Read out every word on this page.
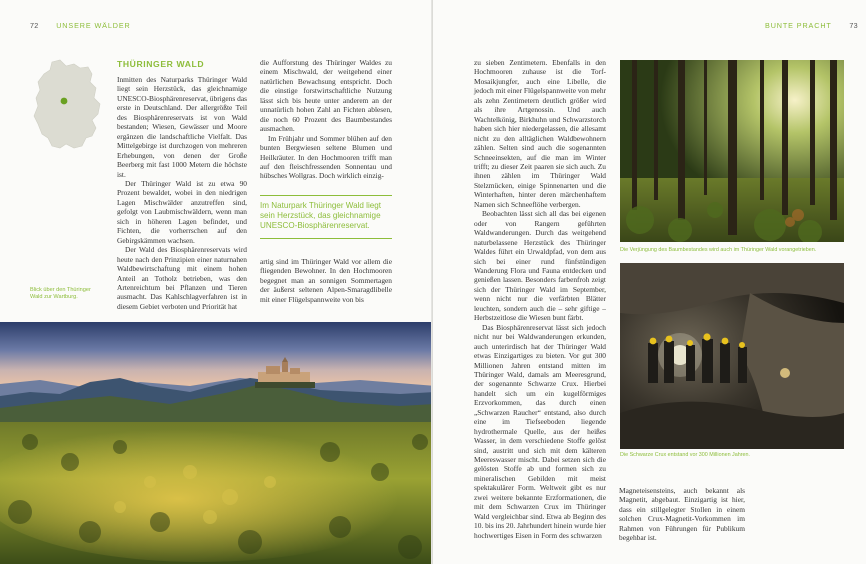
72 UNSERE WÄLDER
THÜRINGER WALD

Inmitten des Naturparks Thüringer Wald liegt sein Herzstück, das gleichnamige UNESCO-Biosphärenreservat, übrigens das erste in Deutschland. Der allergrößte Teil des Biosphärenreservats ist von Wald bestanden; Wiesen, Gewässer und Moore ergänzen die landschaftliche Vielfalt. Das Mittelgebirge ist durchzogen von mehreren Erhebungen, von denen der Große Beerberg mit fast 1000 Metern die höchste ist.

Der Thüringer Wald ist zu etwa 90 Prozent bewaldet, wobei in den niedrigen Lagen Mischwälder anzutreffen sind, gefolgt von Laubmischwäldern, wenn man sich in höheren Lagen befindet, und Fichten, die vorherrschen auf den Gebirgskämmen wachsen.

Der Wald des Biosphärenreservats wird heute nach den Prinzipien einer naturnahen Waldbewirtschaftung mit einem hohen Anteil an Totholz betrieben, was den Artenreichtum bei Pflanzen und Tieren ausmacht. Das Kahlschlagverfahren ist in diesem Gebiet verboten und Priorität hat

die Aufforstung des Thüringer Waldes zu einem Mischwald, der weitgehend einer natürlichen Bewachsung entspricht. Doch die einstige forstwirtschaftliche Nutzung lässt sich bis heute unter anderem an der unnatürlich hohen Zahl an Fichten ablesen, die noch 60 Prozent des Baumbestandes ausmachen.

Im Frühjahr und Sommer blühen auf den bunten Bergwiesen seltene Blumen und Heilkräuter. In den Hochmooren trifft man auf den fleischfressenden Sonnentau und hübsches Wollgras. Doch wirklich einzig-

Im Naturpark Thüringer Wald liegt sein Herzstück, das gleichnamige UNESCO-Biosphärenreservat.

artig sind im Thüringer Wald vor allem die fliegenden Bewohner. In den Hochmooren begegnet man an sonnigen Sommertagen der äußerst seltenen Alpen-Smaragdlibelle mit einer Flügelspannweite von bis

Blick über den Thüringer Wald zur Wartburg.
BUNTE PRACHT 73

zu sieben Zentimetern. Ebenfalls in den Hochmooren zuhause ist die Torf-Mosaikjungfer, auch eine Libelle, die jedoch mit einer Flügelspannweite von mehr als zehn Zentimetern deutlich größer wird als ihre Artgenossin. Und auch Wachtelkönig, Birkhuhn und Schwarzstorch haben sich hier niedergelassen, die allesamt nicht zu den alltäglichen Waldbewohnern zählen. Selten sind auch die sogenannten Schneeinsekten, auf die man im Winter trifft; zu dieser Zeit paaren sie sich auch. Zu ihnen zählen im Thüringer Wald Stelzmücken, einige Spinnenarten und die Winterhaften, hinter deren märchenhaftem Namen sich Schneeflöhe verbergen.

Beobachten lässt sich all das bei eigenen oder von Rangern geführten Waldwanderungen. Durch das weitgehend naturbelassene Herzstück des Thüringer Waldes führt ein Urwaldpfad, von dem aus sich bei einer rund fünfstündigen Wanderung Flora und Fauna entdecken und genießen lassen. Besonders farbenfroh zeigt sich der Thüringer Wald im September, wenn nicht nur die verfärbten Blätter leuchten, sondern auch die – sehr giftige – Herbstzeitlose die Wiesen bunt färbt.

Das Biosphärenreservat lässt sich jedoch nicht nur bei Waldwanderungen erkunden, auch unterirdisch hat der Thüringer Wald etwas Einzigartiges zu bieten. Vor gut 300 Millionen Jahren entstand mitten im Thüringer Wald, damals am Meeresgrund, der sogenannte Schwarze Crux. Hierbei handelt sich um ein kugelförmiges Erzvorkommen, das durch einen „Schwarzen Raucher“ entstand, also durch eine im Tiefseeboden liegende hydrothermale Quelle, aus der heißes Wasser, in dem verschiedene Stoffe gelöst sind, austritt und sich mit dem kälteren Meereswasser mischt. Dabei setzen sich die gelösten Stoffe ab und formen sich zu mineralischen Gebilden mit meist spektakulärer Form. Weltweit gibt es nur zwei weitere bekannte Erzformationen, die mit dem Schwarzen Crux im Thüringer Wald vergleichbar sind. Etwa ab Beginn des 10. bis ins 20. Jahrhundert hinein wurde hier hochwertiges Eisen in Form des schwarzen

Magneteisensteins, auch bekannt als Magnetit, abgebaut. Einzigartig ist hier, dass ein stillgelegter Stollen in einem solchen Crux-Magnetit-Vorkommen im Rahmen von Führungen für Publikum begehbar ist.

Die Verjüngung des Baumbestandes wird auch im Thüringer Wald vorangetrieben.
Die Schwarze Crux entstand vor 300 Millionen Jahren.
